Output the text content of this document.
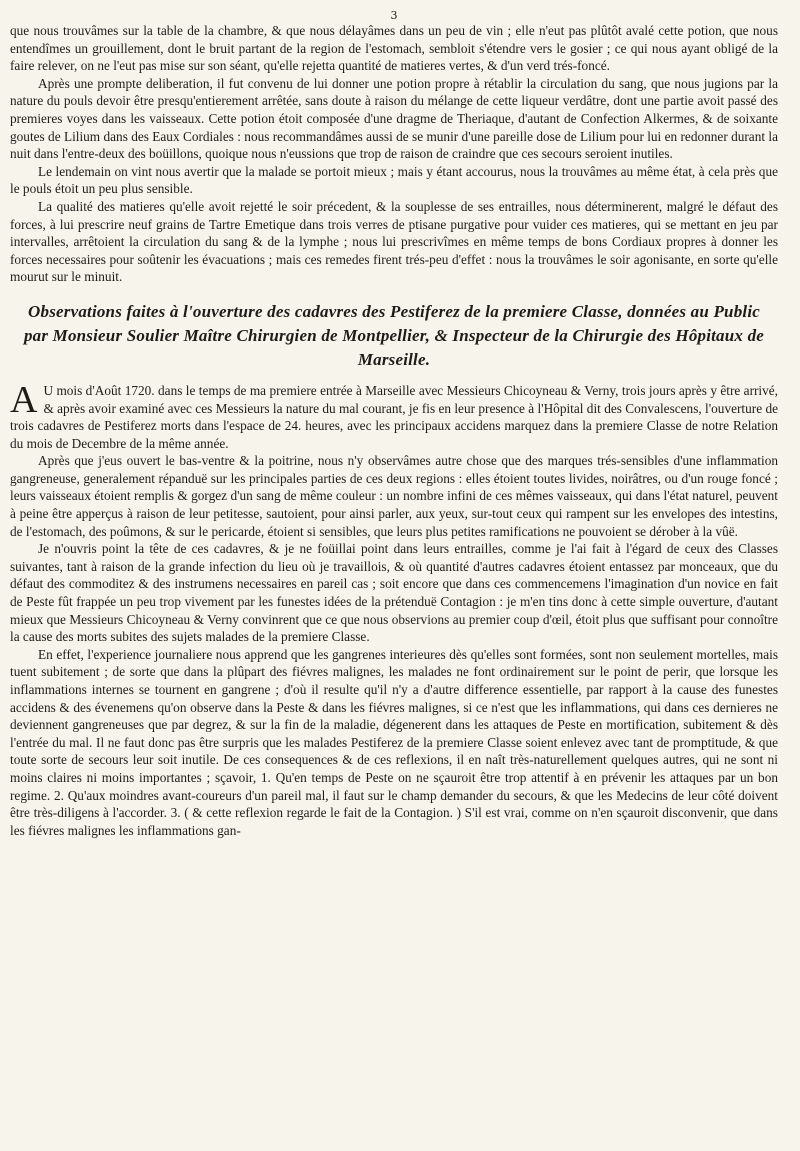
3

que nous trouvâmes sur la table de la chambre, & que nous délayâmes dans un peu de vin ; elle n'eut pas plûtôt avalé cette potion, que nous entendîmes un grouillement, dont le bruit partant de la region de l'estomach, sembloit s'étendre vers le gosier ; ce qui nous ayant obligé de la faire relever, on ne l'eut pas mise sur son séant, qu'elle rejetta quantité de matieres vertes, & d'un verd trés-foncé.

Après une prompte deliberation, il fut convenu de lui donner une potion propre à rétablir la circulation du sang, que nous jugions par la nature du pouls devoir être presqu'entierement arrêtée, sans doute à raison du mélange de cette liqueur verdâtre, dont une partie avoit passé des premieres voyes dans les vaisseaux. Cette potion étoit composée d'une dragme de Theriaque, d'autant de Confection Alkermes, & de soixante goutes de Lilium dans des Eaux Cordiales : nous recommandâmes aussi de se munir d'une pareille dose de Lilium pour lui en redonner durant la nuit dans l'entre-deux des boüillons, quoique nous n'eussions que trop de raison de craindre que ces secours seroient inutiles.

Le lendemain on vint nous avertir que la malade se portoit mieux ; mais y étant accourus, nous la trouvâmes au même état, à cela près que le pouls étoit un peu plus sensible.

La qualité des matieres qu'elle avoit rejetté le soir précedent, & la souplesse de ses entrailles, nous déterminerent, malgré le défaut des forces, à lui prescrire neuf grains de Tartre Emetique dans trois verres de ptisane purgative pour vuider ces matieres, qui se mettant en jeu par intervalles, arrêtoient la circulation du sang & de la lymphe ; nous lui prescrivîmes en même temps de bons Cordiaux propres à donner les forces necessaires pour soûtenir les évacuations ; mais ces remedes firent trés-peu d'effet : nous la trouvâmes le soir agonisante, en sorte qu'elle mourut sur le minuit.

Observations faites à l'ouverture des cadavres des Pestiferez de la premiere Classe, données au Public par Monsieur Soulier Maître Chirurgien de Montpellier, & Inspecteur de la Chirurgie des Hôpitaux de Marseille.

A U mois d'Août 1720. dans le temps de ma premiere entrée à Marseille avec Messieurs Chicoyneau & Verny, trois jours après y être arrivé, & après avoir examiné avec ces Messieurs la nature du mal courant, je fis en leur presence à l'Hôpital dit des Convalescens, l'ouverture de trois cadavres de Pestiferez morts dans l'espace de 24. heures, avec les principaux accidens marquez dans la premiere Classe de notre Relation du mois de Decembre de la même année.

Après que j'eus ouvert le bas-ventre & la poitrine, nous n'y observâmes autre chose que des marques trés-sensibles d'une inflammation gangreneuse, generalement répanduë sur les principales parties de ces deux regions : elles étoient toutes livides, noirâtres, ou d'un rouge foncé ; leurs vaisseaux étoient remplis & gorgez d'un sang de même couleur : un nombre infini de ces mêmes vaisseaux, qui dans l'état naturel, peuvent à peine être apperçus à raison de leur petitesse, sautoient, pour ainsi parler, aux yeux, sur-tout ceux qui rampent sur les envelopes des intestins, de l'estomach, des poûmons, & sur le pericarde, étoient si sensibles, que leurs plus petites ramifications ne pouvoient se dérober à la vûë.

Je n'ouvris point la tête de ces cadavres, & je ne foüillai point dans leurs entrailles, comme je l'ai fait à l'égard de ceux des Classes suivantes, tant à raison de la grande infection du lieu où je travaillois, & où quantité d'autres cadavres étoient entassez par monceaux, que du défaut des commoditez & des instrumens necessaires en pareil cas ; soit encore que dans ces commencemens l'imagination d'un novice en fait de Peste fût frappée un peu trop vivement par les funestes idées de la prétenduë Contagion : je m'en tins donc à cette simple ouverture, d'autant mieux que Messieurs Chicoyneau & Verny convinrent que ce que nous observions au premier coup d'œil, étoit plus que suffisant pour connoître la cause des morts subites des sujets malades de la premiere Classe.

En effet, l'experience journaliere nous apprend que les gangrenes interieures dès qu'elles sont formées, sont non seulement mortelles, mais tuent subitement ; de sorte que dans la plûpart des fiévres malignes, les malades ne font ordinairement sur le point de perir, que lorsque les inflammations internes se tournent en gangrene ; d'où il resulte qu'il n'y a d'autre difference essentielle, par rapport à la cause des funestes accidens & des évenemens qu'on observe dans la Peste & dans les fiévres malignes, si ce n'est que les inflammations, qui dans ces dernieres ne deviennent gangreneuses que par degrez, & sur la fin de la maladie, dégenerent dans les attaques de Peste en mortification, subitement & dès l'entrée du mal. Il ne faut donc pas être surpris que les malades Pestiferez de la premiere Classe soient enlevez avec tant de promptitude, & que toute sorte de secours leur soit inutile. De ces consequences & de ces reflexions, il en naît très-naturellement quelques autres, qui ne sont ni moins claires ni moins importantes ; sçavoir, 1. Qu'en temps de Peste on ne sçauroit être trop attentif à en prévenir les attaques par un bon regime. 2. Qu'aux moindres avant-coureurs d'un pareil mal, il faut sur le champ demander du secours, & que les Medecins de leur côté doivent être très-diligens à l'accorder. 3. ( & cette reflexion regarde le fait de la Contagion. ) S'il est vrai, comme on n'en sçauroit disconvenir, que dans les fiévres malignes les inflammations gan-
